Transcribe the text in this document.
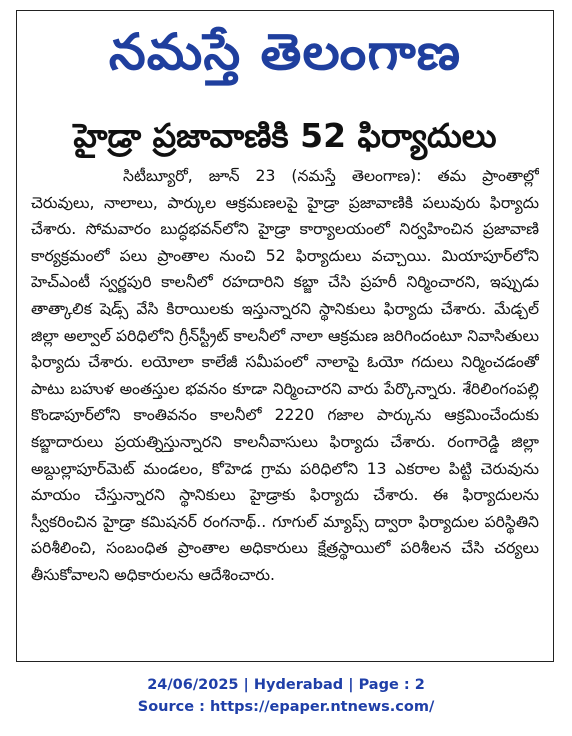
నమస్తే తెలంగాణ
హైడ్రా ప్రజావాణికి 52 ఫిర్యాదులు
సిటీబ్యూరో, జూన్ 23 (నమస్తే తెలంగాణ): తమ ప్రాంతాల్లో చెరువులు, నాలాలు, పార్కుల ఆక్రమణలపై హైడ్రా ప్రజావాణికి పలువురు ఫిర్యాదు చేశారు. సోమవారం బుద్ధభవన్‌లోని హైడ్రా కార్యాలయంలో నిర్వహించిన ప్రజావాణి కార్యక్రమంలో పలు ప్రాంతాల నుంచి 52 ఫిర్యాదులు వచ్చాయి. మియాపూర్‌లోని హెచ్‌ఎంటీ స్వర్ణపురి కాలనీలో రహదారిని కబ్జా చేసి ప్రహరీ నిర్మించారని, ఇప్పుడు తాత్కాలిక షెడ్స్ వేసి కిరాయిలకు ఇస్తున్నారని స్థానికులు ఫిర్యాదు చేశారు. మేడ్చల్ జిల్లా అల్వాల్ పరిధిలోని గ్రీన్‌స్ట్రీట్ కాలనీలో నాలా ఆక్రమణ జరిగిందంటూ నివాసితులు ఫిర్యాదు చేశారు. లయోలా కాలేజీ సమీపంలో నాలాపై ఓయో గదులు నిర్మించడంతో పాటు బహుళ అంతస్తుల భవనం కూడా నిర్మించారని వారు పేర్కొన్నారు. శేరిలింగంపల్లి కొండాపూర్‌లోని కాంతివనం కాలనీలో 2220 గజాల పార్కును ఆక్రమించేందుకు కబ్జాదారులు ప్రయత్నిస్తున్నారని కాలనీవాసులు ఫిర్యాదు చేశారు. రంగారెడ్డి జిల్లా అబ్దుల్లాపూర్‌మెట్ మండలం, కోహెడ గ్రామ పరిధిలోని 13 ఎకరాల పిట్టి చెరువును మాయం చేస్తున్నారని స్థానికులు హైడ్రాకు ఫిర్యాదు చేశారు. ఈ ఫిర్యాదులను స్వీకరించిన హైడ్రా కమిషనర్ రంగనాథ్.. గూగుల్ మ్యాప్స్ ద్వారా ఫిర్యాదుల పరిస్థితిని పరిశీలించి, సంబంధిత ప్రాంతాల అధికారులు క్షేత్రస్థాయిలో పరిశీలన చేసి చర్యలు తీసుకోవాలని అధికారులను ఆదేశించారు.
24/06/2025 | Hyderabad | Page : 2
Source : https://epaper.ntnews.com/
